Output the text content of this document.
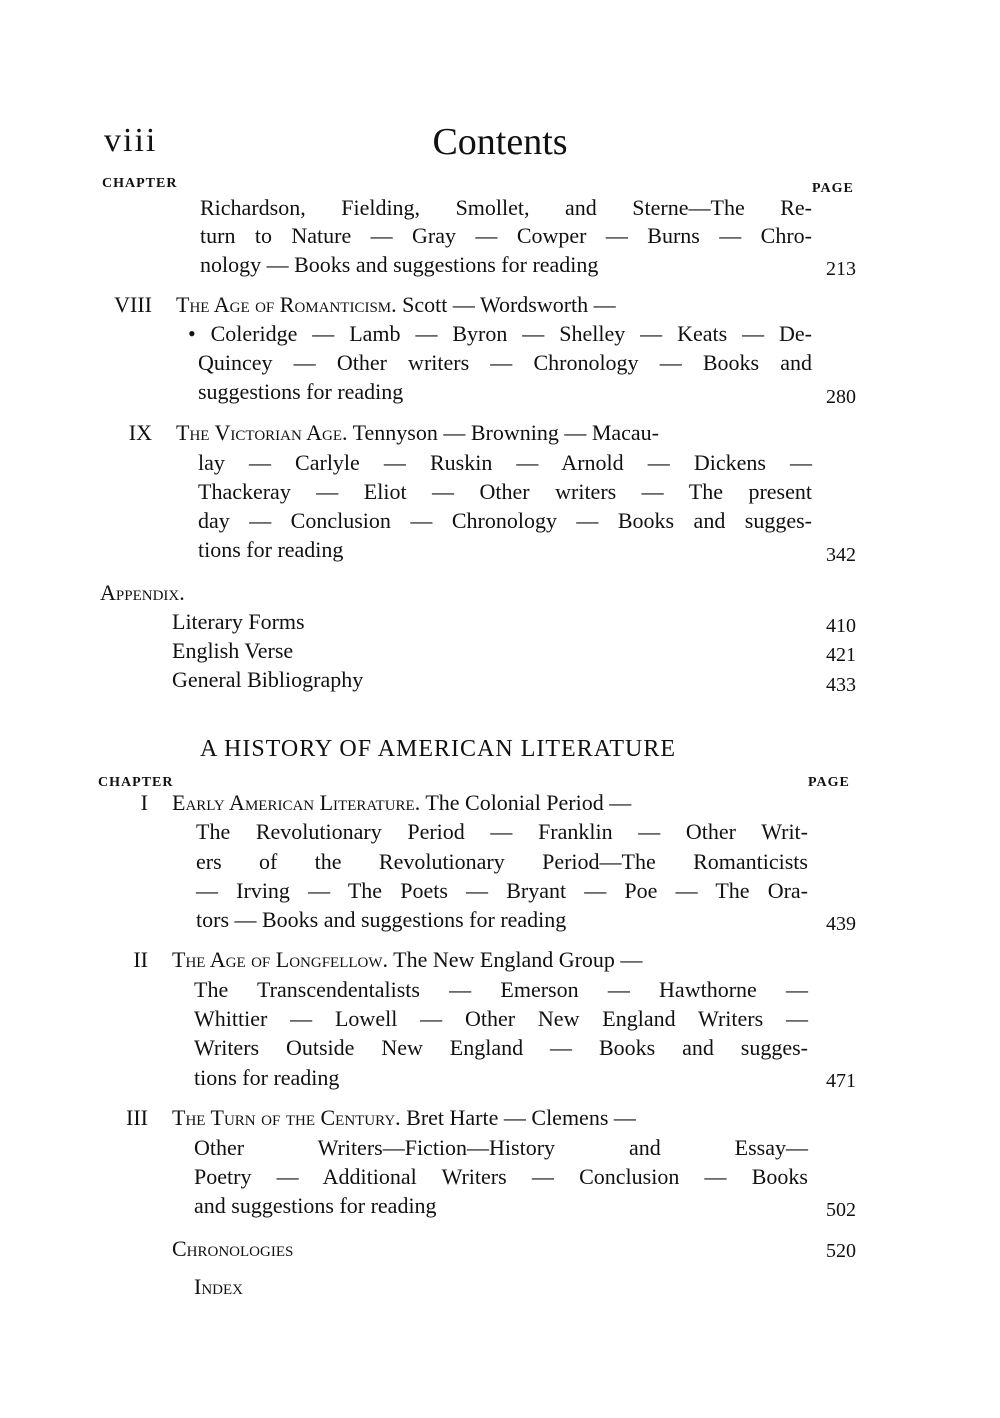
viii	Contents
CHAPTER	PAGE
Richardson, Fielding, Smollet, and Sterne—The Re-
turn to Nature — Gray — Cowper — Burns — Chro-
nology — Books and suggestions for reading	213
VIII The Age of Romanticism. Scott — Wordsworth —
• Coleridge — Lamb — Byron — Shelley — Keats — De-
Quincey — Other writers — Chronology — Books and
suggestions for reading	280
IX The Victorian Age. Tennyson — Browning — Macau-
lay — Carlyle — Ruskin — Arnold — Dickens —
Thackeray — Eliot — Other writers — The present
day — Conclusion — Chronology — Books and sugges-
tions for reading	342
Appendix.
Literary Forms	410
English Verse	421
General Bibliography	433
A HISTORY OF AMERICAN LITERATURE
CHAPTER	PAGE
I Early American Literature. The Colonial Period —
The Revolutionary Period — Franklin — Other Writ-
ers of the Revolutionary Period—The Romanticists
— Irving — The Poets — Bryant — Poe — The Ora-
tors — Books and suggestions for reading	439
II The Age of Longfellow. The New England Group —
The Transcendentalists — Emerson — Hawthorne —
Whittier — Lowell — Other New England Writers —
Writers Outside New England — Books and sugges-
tions for reading	471
III The Turn of the Century. Bret Harte — Clemens —
Other Writers—Fiction—History and Essay—
Poetry — Additional Writers — Conclusion — Books
and suggestions for reading	502
Chronologies	520
Index
